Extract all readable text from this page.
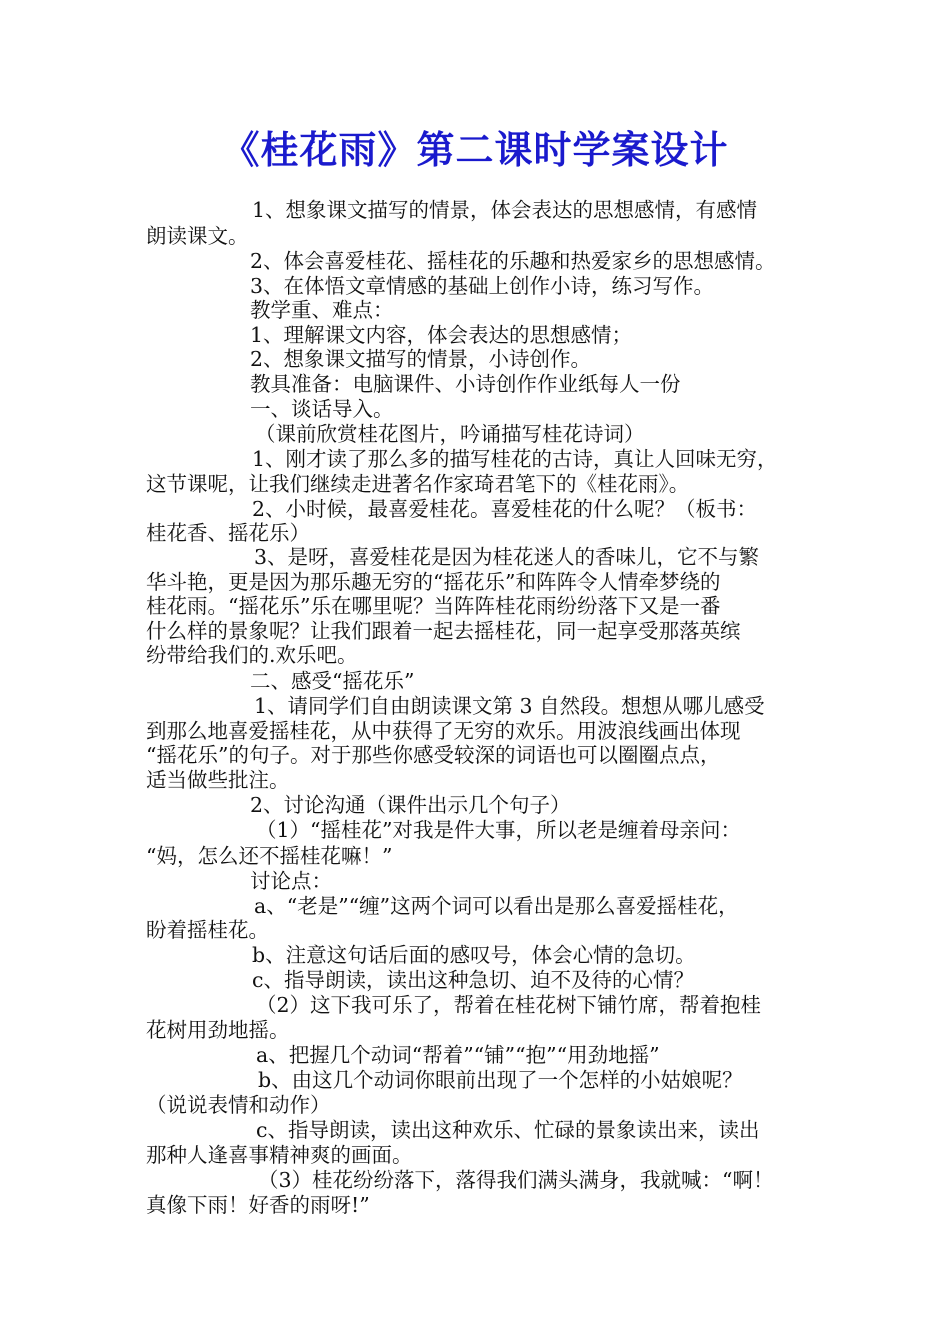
《桂花雨》第二课时学案设计
1、想象课文描写的情景，体会表达的思想感情，有感情
朗读课文。
2、体会喜爱桂花、摇桂花的乐趣和热爱家乡的思想感情。
3、在体悟文章情感的基础上创作小诗，练习写作。
教学重、难点：
1、理解课文内容，体会表达的思想感情；
2、想象课文描写的情景，小诗创作。
教具准备：电脑课件、小诗创作作业纸每人一份
一、谈话导入。
（课前欣赏桂花图片，吟诵描写桂花诗词）
1、刚才读了那么多的描写桂花的古诗，真让人回味无穷，
这节课呢，让我们继续走进著名作家琦君笔下的《桂花雨》。
2、小时候，最喜爱桂花。喜爱桂花的什么呢？（板书：
桂花香、摇花乐）
3、是呀，喜爱桂花是因为桂花迷人的香味儿，它不与繁
华斗艳，更是因为那乐趣无穷的“摇花乐”和阵阵令人情牵梦绕的
桂花雨。“摇花乐”乐在哪里呢？当阵阵桂花雨纷纷落下又是一番
什么样的景象呢？让我们跟着一起去摇桂花，同一起享受那落英缤
纷带给我们的.欢乐吧。
二、感受“摇花乐”
1、请同学们自由朗读课文第 3 自然段。想想从哪儿感受
到那么地喜爱摇桂花，从中获得了无穷的欢乐。用波浪线画出体现
“摇花乐”的句子。对于那些你感受较深的词语也可以圈圈点点，
适当做些批注。
2、讨论沟通（课件出示几个句子）
（1）“摇桂花”对我是件大事，所以老是缠着母亲问：
“妈，怎么还不摇桂花嘛！”
讨论点：
a、“老是”“缠”这两个词可以看出是那么喜爱摇桂花，
盼着摇桂花。
b、注意这句话后面的感叹号，体会心情的急切。
c、指导朗读，读出这种急切、迫不及待的心情？
（2）这下我可乐了，帮着在桂花树下铺竹席，帮着抱桂
花树用劲地摇。
a、把握几个动词“帮着”“铺”“抱”“用劲地摇”
b、由这几个动词你眼前出现了一个怎样的小姑娘呢？
（说说表情和动作）
c、指导朗读，读出这种欢乐、忙碌的景象读出来，读出
那种人逢喜事精神爽的画面。
（3）桂花纷纷落下，落得我们满头满身，我就喊：“啊！
真像下雨！好香的雨呀!”
